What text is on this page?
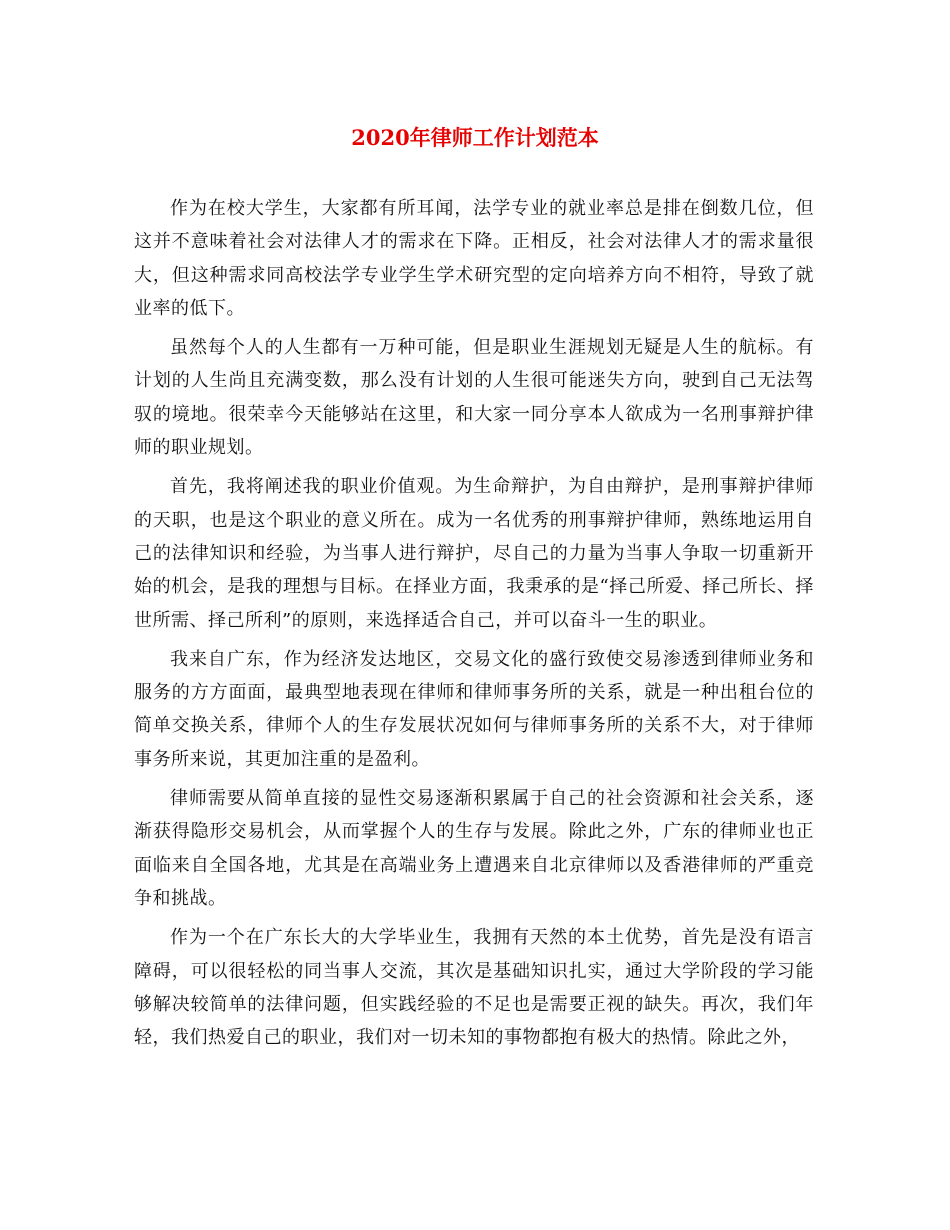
2020年律师工作计划范本

作为在校大学生，大家都有所耳闻，法学专业的就业率总是排在倒数几位，但这并不意味着社会对法律人才的需求在下降。正相反，社会对法律人才的需求量很大，但这种需求同高校法学专业学生学术研究型的定向培养方向不相符，导致了就业率的低下。

虽然每个人的人生都有一万种可能，但是职业生涯规划无疑是人生的航标。有计划的人生尚且充满变数，那么没有计划的人生很可能迷失方向，驶到自己无法驾驭的境地。很荣幸今天能够站在这里，和大家一同分享本人欲成为一名刑事辩护律师的职业规划。

首先，我将阐述我的职业价值观。为生命辩护，为自由辩护，是刑事辩护律师的天职，也是这个职业的意义所在。成为一名优秀的刑事辩护律师，熟练地运用自己的法律知识和经验，为当事人进行辩护，尽自己的力量为当事人争取一切重新开始的机会，是我的理想与目标。在择业方面，我秉承的是“择己所爱、择己所长、择世所需、择己所利”的原则，来选择适合自己，并可以奋斗一生的职业。

我来自广东，作为经济发达地区，交易文化的盛行致使交易渗透到律师业务和服务的方方面面，最典型地表现在律师和律师事务所的关系，就是一种出租台位的简单交换关系，律师个人的生存发展状况如何与律师事务所的关系不大，对于律师事务所来说，其更加注重的是盈利。

律师需要从简单直接的显性交易逐渐积累属于自己的社会资源和社会关系，逐渐获得隐形交易机会，从而掌握个人的生存与发展。除此之外，广东的律师业也正面临来自全国各地，尤其是在高端业务上遭遇来自北京律师以及香港律师的严重竞争和挑战。

作为一个在广东长大的大学毕业生，我拥有天然的本土优势，首先是没有语言障碍，可以很轻松的同当事人交流，其次是基础知识扎实，通过大学阶段的学习能够解决较简单的法律问题，但实践经验的不足也是需要正视的缺失。再次，我们年轻，我们热爱自己的职业，我们对一切未知的事物都抱有极大的热情。除此之外，
